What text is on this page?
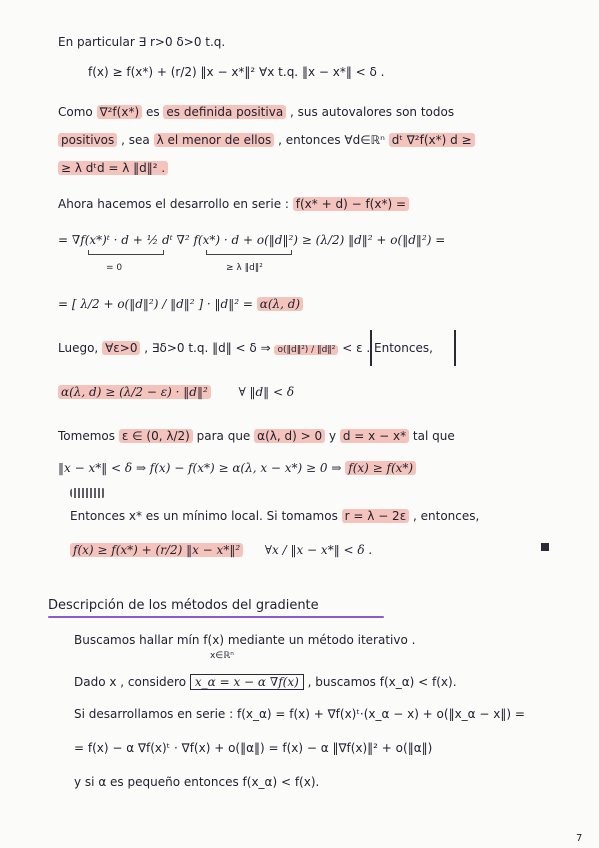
En particular ∃ r>0 δ>0 t.q.
f(x) ≥ f(x*) + (r/2) ‖x − x*‖² ∀x t.q. ‖x − x*‖ < δ .
Como ∇²f(x*) es es definida positiva , sus autovalores son todos
positivos , sea λ el menor de ellos , entonces ∀d∈ℝⁿ dᵗ ∇²f(x*) d ≥
≥ λ dᵗd = λ ‖d‖² .
Ahora hacemos el desarrollo en serie : f(x* + d) − f(x*) =
= ∇f(x*)ᵗ · d + ½ dᵗ ∇² f(x*) · d + o(‖d‖²) ≥ (λ/2) ‖d‖² + o(‖d‖²) =
= 0	≥ λ ‖d‖²
= [ λ/2 + o(‖d‖²) / ‖d‖² ] · ‖d‖² = α(λ, d)
Luego, ∀ε>0 , ∃δ>0 t.q. ‖d‖ < δ ⇒ o(‖d‖²) / ‖d‖² < ε . Entonces,
α(λ, d) ≥ (λ/2 − ε) · ‖d‖²	∀ ‖d‖ < δ
Tomemos ε ∈ (0, λ/2) para que α(λ, d) > 0 y d = x − x* tal que
‖x − x*‖ < δ ⇒ f(x) − f(x*) ≥ α(λ, x − x*) ≥ 0 ⇒ f(x) ≥ f(x*)
Entonces x* es un mínimo local. Si tomamos r = λ − 2ε , entonces,
f(x) ≥ f(x*) + (r/2) ‖x − x*‖² ∀x / ‖x − x*‖ < δ .
Descripción de los métodos del gradiente
Buscamos hallar mín f(x) mediante un método iterativo .
x∈ℝⁿ
Dado x , considero x_α = x − α ∇f(x) , buscamos f(x_α) < f(x).
Si desarrollamos en serie : f(x_α) = f(x) + ∇f(x)ᵗ·(x_α − x) + o(‖x_α − x‖) =
= f(x) − α ∇f(x)ᵗ · ∇f(x) + o(‖α‖) = f(x) − α ‖∇f(x)‖² + o(‖α‖)
y si α es pequeño entonces f(x_α) < f(x).
7
